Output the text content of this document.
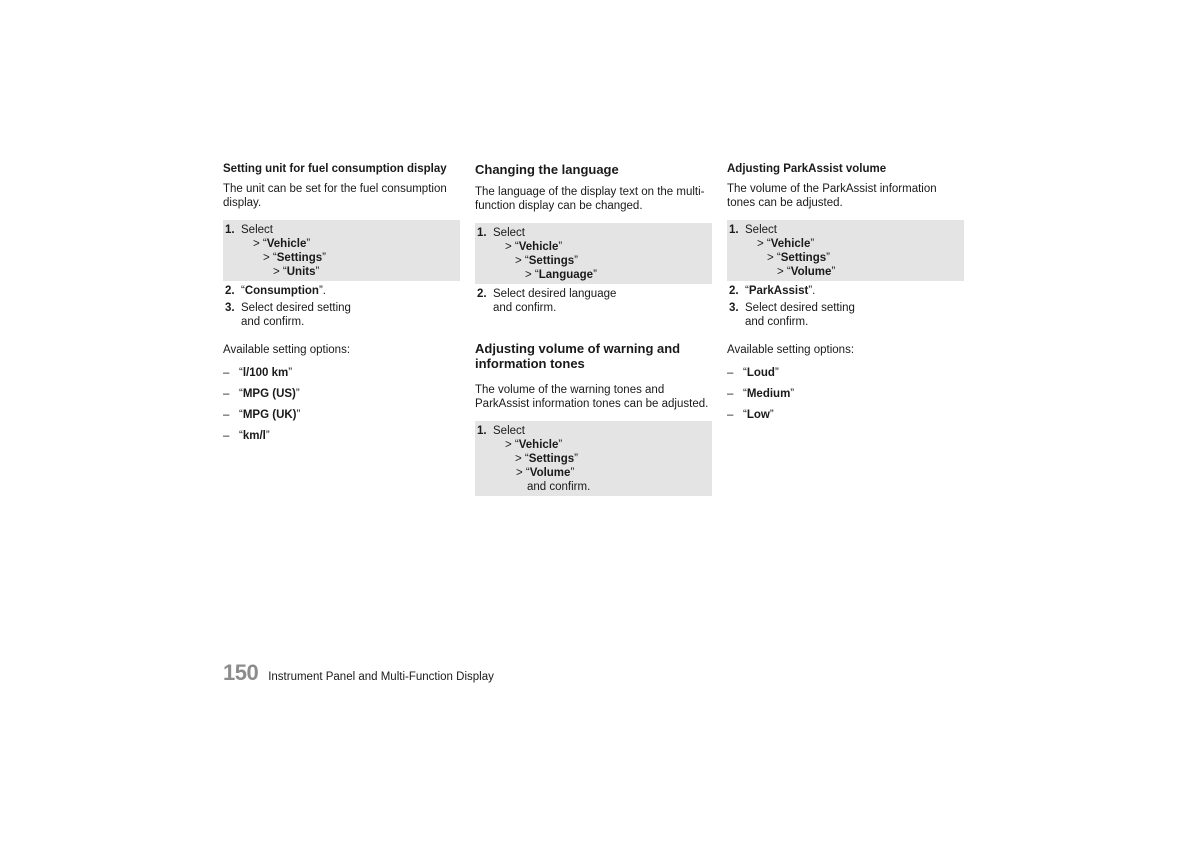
Setting unit for fuel consumption display

The unit can be set for the fuel consumption display.

1. Select
> “Vehicle”
> “Settings”
> “Units”
2. “Consumption”.
3. Select desired setting
and confirm.
Available setting options:
– “l/100 km”
– “MPG (US)”
– “MPG (UK)”
– “km/l”
Changing the language

The language of the display text on the multi-function display can be changed.

1. Select
> “Vehicle”
> “Settings”
> “Language”
2. Select desired language
and confirm.
Adjusting volume of warning and information tones

The volume of the warning tones and ParkAssist information tones can be adjusted.

1. Select
> “Vehicle”
> “Settings”
> “Volume”
and confirm.
Adjusting ParkAssist volume

The volume of the ParkAssist information tones can be adjusted.

1. Select
> “Vehicle”
> “Settings”
> “Volume”
2. “ParkAssist”.
3. Select desired setting
and confirm.
Available setting options:
– “Loud”
– “Medium”
– “Low”
150 Instrument Panel and Multi-Function Display
